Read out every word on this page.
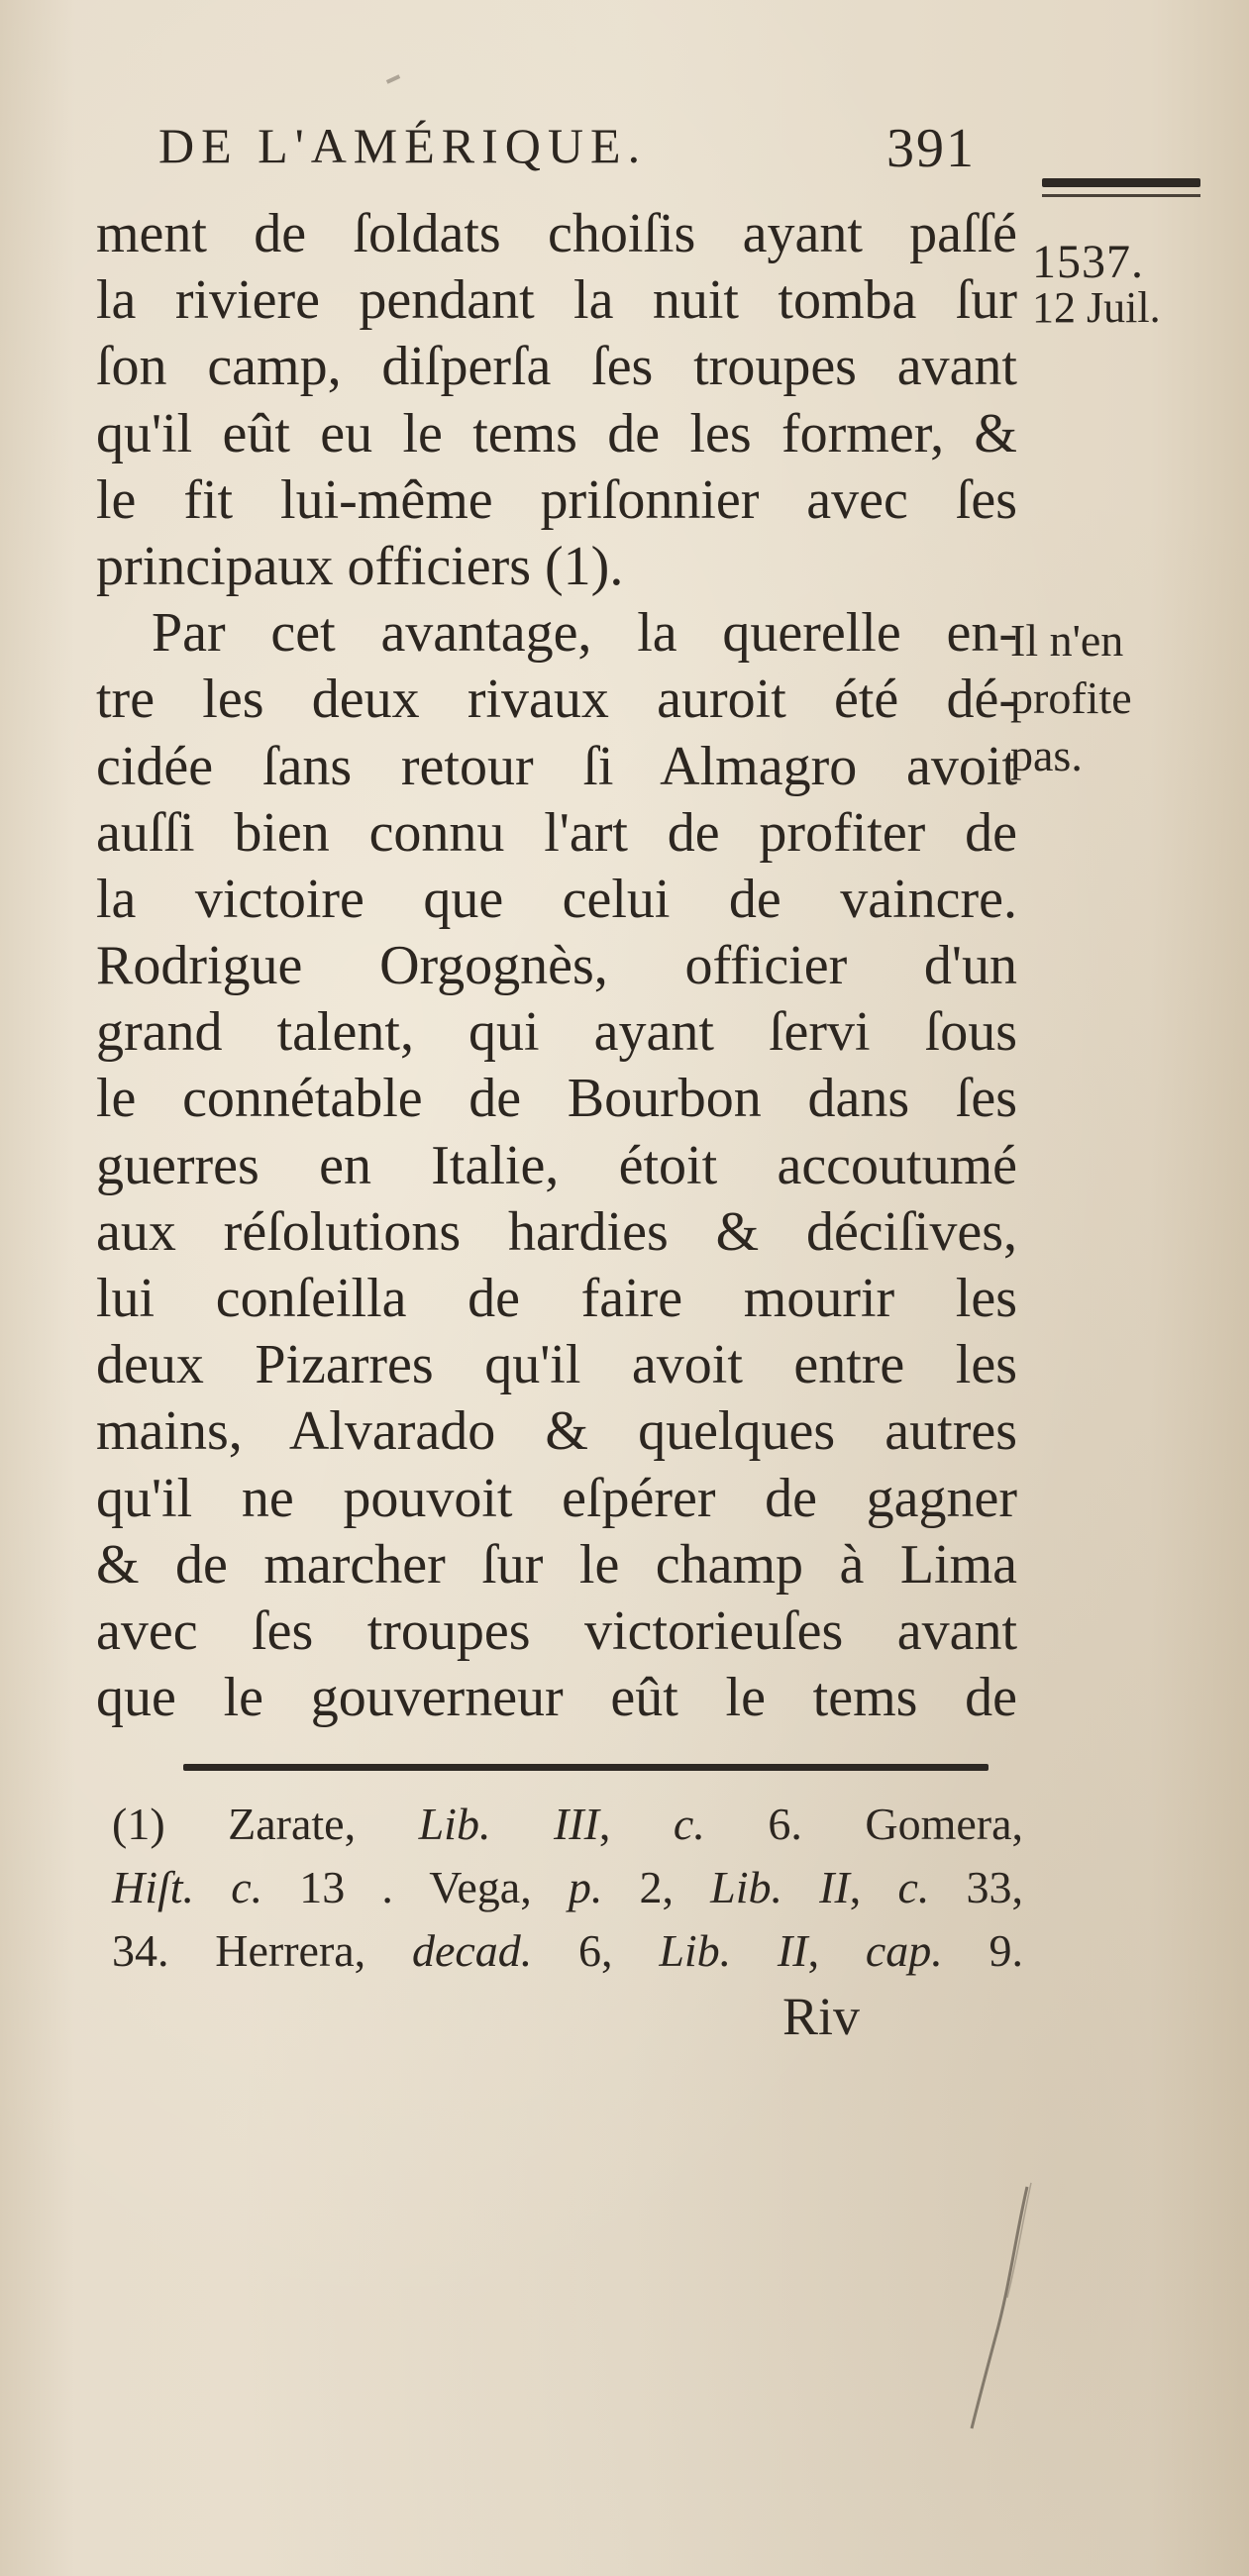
DE L'AMÉRIQUE.	391
1537.
12 Juil.
Il n'en
profite
pas.
ment de ſoldats choiſis ayant paſſé
la riviere pendant la nuit tomba ſur
ſon camp, diſperſa ſes troupes avant
qu'il eût eu le tems de les former, &
le fit lui-même priſonnier avec ſes
principaux officiers (1).
Par cet avantage, la querelle en-
tre les deux rivaux auroit été dé-
cidée ſans retour ſi Almagro avoit
auſſi bien connu l'art de profiter de
la victoire que celui de vaincre.
Rodrigue Orgognès, officier d'un
grand talent, qui ayant ſervi ſous
le connétable de Bourbon dans ſes
guerres en Italie, étoit accoutumé
aux réſolutions hardies & déciſives,
lui conſeilla de faire mourir les
deux Pizarres qu'il avoit entre les
mains, Alvarado & quelques autres
qu'il ne pouvoit eſpérer de gagner
& de marcher ſur le champ à Lima
avec ſes troupes victorieuſes avant
que le gouverneur eût le tems de
(1) Zarate, Lib. III, c. 6. Gomera,
Hiſt. c. 13 . Vega, p. 2, Lib. II, c. 33,
34. Herrera, decad. 6, Lib. II, cap. 9.
Riv
